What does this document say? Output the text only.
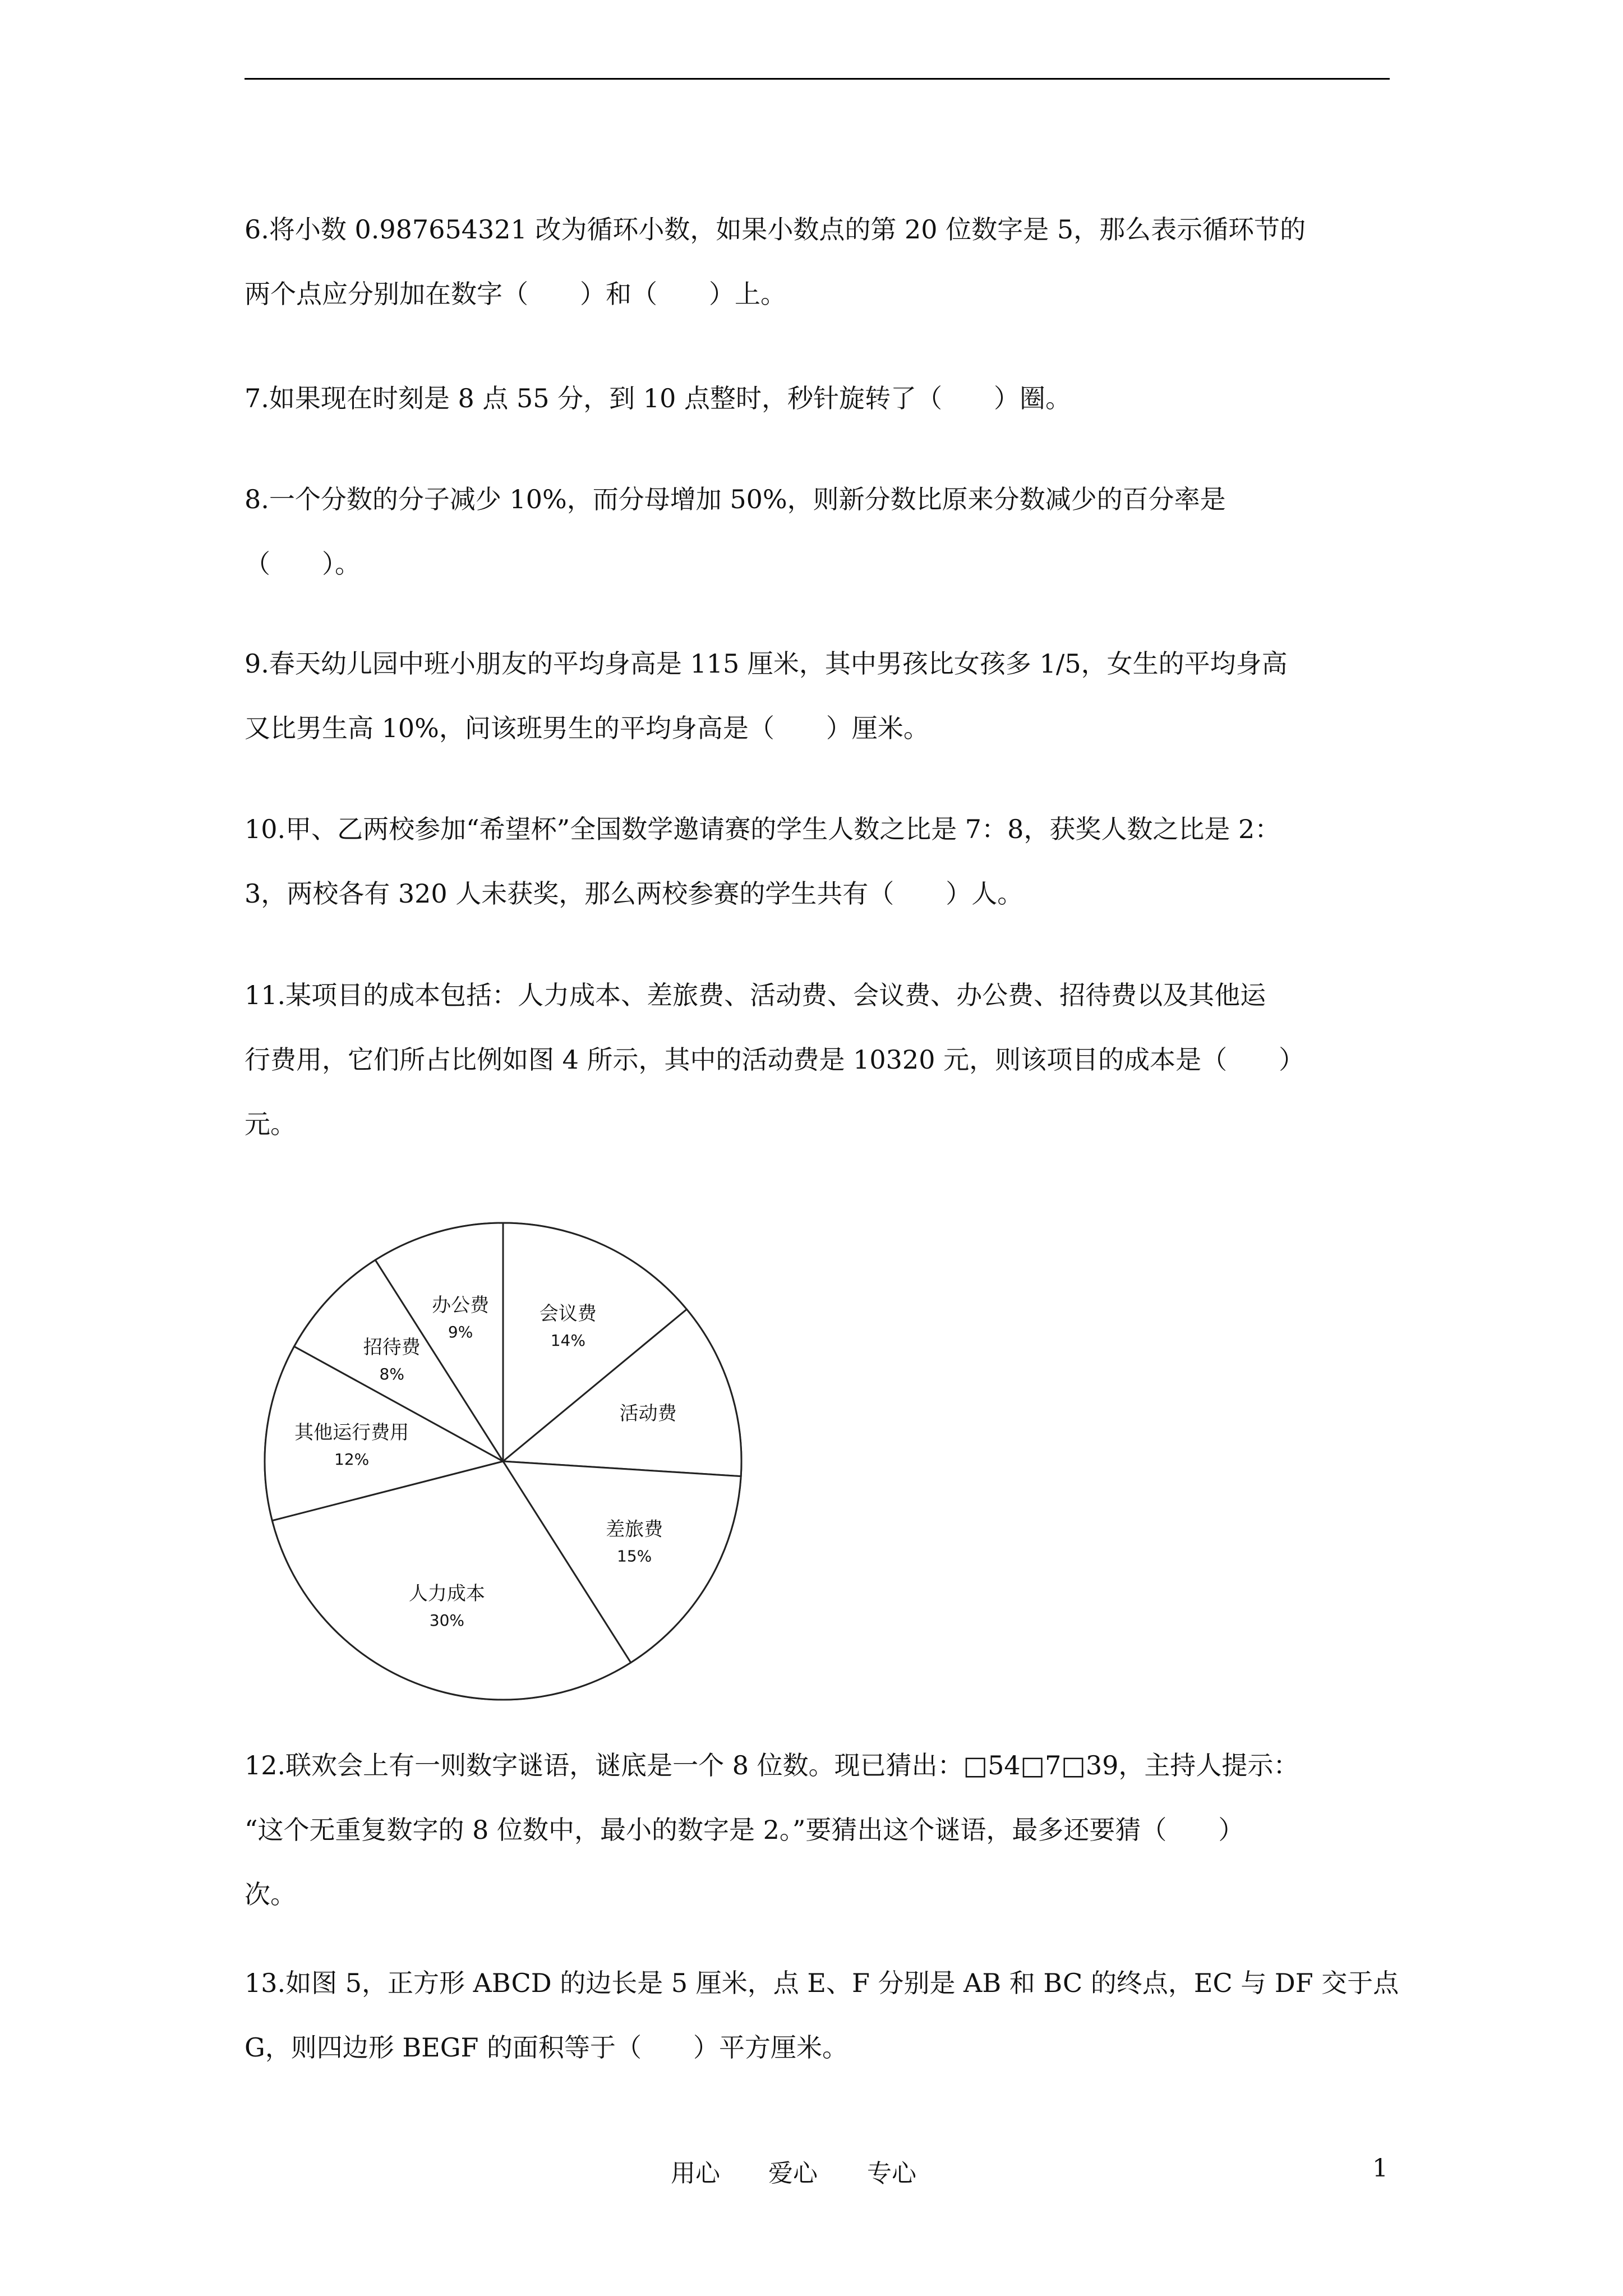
6.将小数 0.987654321 改为循环小数，如果小数点的第 20 位数字是 5，那么表示循环节的
两个点应分别加在数字（　　）和（　　）上。
7.如果现在时刻是 8 点 55 分，到 10 点整时，秒针旋转了（　　）圈。
8.一个分数的分子减少 10%，而分母增加 50%，则新分数比原来分数减少的百分率是
（　　）。
9.春天幼儿园中班小朋友的平均身高是 115 厘米，其中男孩比女孩多 1/5，女生的平均身高
又比男生高 10%，问该班男生的平均身高是（　　）厘米。
10.甲、乙两校参加“希望杯”全国数学邀请赛的学生人数之比是 7：8，获奖人数之比是 2：
3，两校各有 320 人未获奖，那么两校参赛的学生共有（　　）人。
11.某项目的成本包括：人力成本、差旅费、活动费、会议费、办公费、招待费以及其他运
行费用，它们所占比例如图 4 所示，其中的活动费是 10320 元，则该项目的成本是（　　）
元。
会议费
14%
活动费
差旅费
15%
人力成本
30%
其他运行费用
12%
招待费
8%
办公费
9%
12.联欢会上有一则数字谜语，谜底是一个 8 位数。现已猜出：□54□7□39，主持人提示：
“这个无重复数字的 8 位数中，最小的数字是 2。”要猜出这个谜语，最多还要猜（　　）
次。
13.如图 5，正方形 ABCD 的边长是 5 厘米，点 E、F 分别是 AB 和 BC 的终点，EC 与 DF 交于点
G，则四边形 BEGF 的面积等于（　　）平方厘米。
用心 爱心 专心	1
